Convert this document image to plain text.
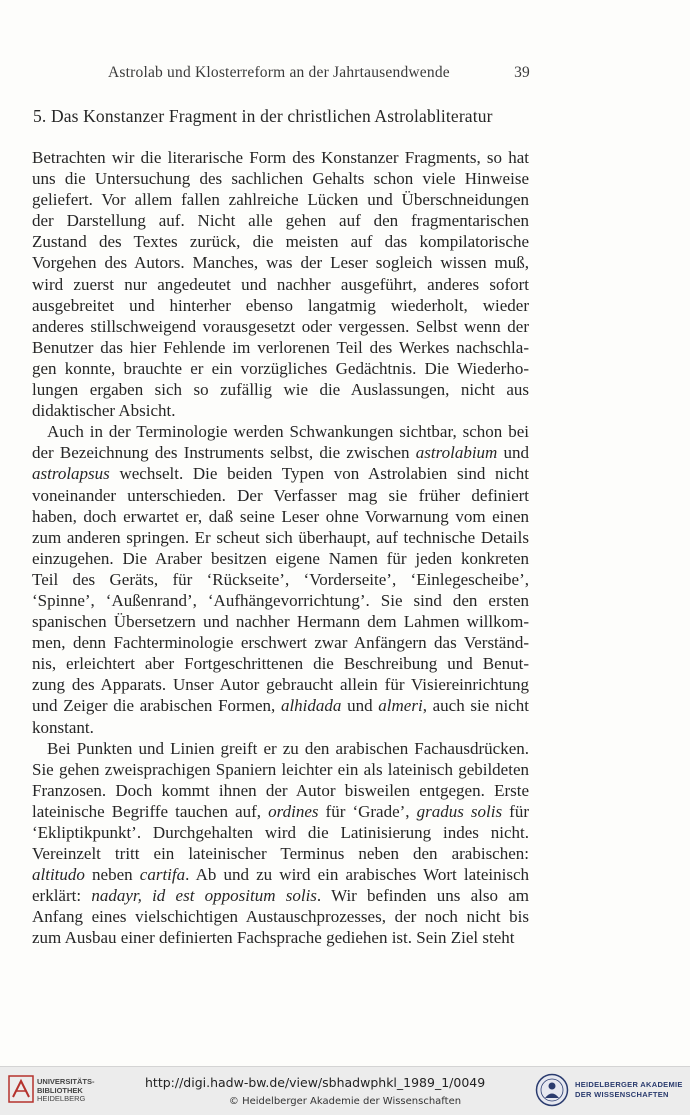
Astrolab und Klosterreform an der Jahrtausendwende	39
5. Das Konstanzer Fragment in der christlichen Astrolabliteratur

Betrachten wir die literarische Form des Konstanzer Fragments, so hat
uns die Untersuchung des sachlichen Gehalts schon viele Hinweise
geliefert. Vor allem fallen zahlreiche Lücken und Überschneidungen
der Darstellung auf. Nicht alle gehen auf den fragmentarischen
Zustand des Textes zurück, die meisten auf das kompilatorische
Vorgehen des Autors. Manches, was der Leser sogleich wissen muß,
wird zuerst nur angedeutet und nachher ausgeführt, anderes sofort
ausgebreitet und hinterher ebenso langatmig wiederholt, wieder
anderes stillschweigend vorausgesetzt oder vergessen. Selbst wenn der
Benutzer das hier Fehlende im verlorenen Teil des Werkes nachschla-
gen konnte, brauchte er ein vorzügliches Gedächtnis. Die Wiederho-
lungen ergaben sich so zufällig wie die Auslassungen, nicht aus
didaktischer Absicht.

Auch in der Terminologie werden Schwankungen sichtbar, schon bei
der Bezeichnung des Instruments selbst, die zwischen astrolabium und
astrolapsus wechselt. Die beiden Typen von Astrolabien sind nicht
voneinander unterschieden. Der Verfasser mag sie früher definiert
haben, doch erwartet er, daß seine Leser ohne Vorwarnung vom einen
zum anderen springen. Er scheut sich überhaupt, auf technische Details
einzugehen. Die Araber besitzen eigene Namen für jeden konkreten
Teil des Geräts, für ‘Rückseite’, ‘Vorderseite’, ‘Einlegescheibe’,
‘Spinne’, ‘Außenrand’, ‘Aufhängevorrichtung’. Sie sind den ersten
spanischen Übersetzern und nachher Hermann dem Lahmen willkom-
men, denn Fachterminologie erschwert zwar Anfängern das Verständ-
nis, erleichtert aber Fortgeschrittenen die Beschreibung und Benut-
zung des Apparats. Unser Autor gebraucht allein für Visiereinrichtung
und Zeiger die arabischen Formen, alhidada und almeri, auch sie nicht
konstant.

Bei Punkten und Linien greift er zu den arabischen Fachausdrücken.
Sie gehen zweisprachigen Spaniern leichter ein als lateinisch gebildeten
Franzosen. Doch kommt ihnen der Autor bisweilen entgegen. Erste
lateinische Begriffe tauchen auf, ordines für ‘Grade’, gradus solis für
‘Ekliptikpunkt’. Durchgehalten wird die Latinisierung indes nicht.
Vereinzelt tritt ein lateinischer Terminus neben den arabischen:
altitudo neben cartifa. Ab und zu wird ein arabisches Wort lateinisch
erklärt: nadayr, id est oppositum solis. Wir befinden uns also am
Anfang eines vielschichtigen Austauschprozesses, der noch nicht bis
zum Ausbau einer definierten Fachsprache gediehen ist. Sein Ziel steht

UNIVERSITÄTS-
BIBLIOTHEK
HEIDELBERG
http://digi.hadw-bw.de/view/sbhadwphkl_1989_1/0049
© Heidelberger Akademie der Wissenschaften
HEIDELBERGER AKADEMIE
DER WISSENSCHAFTEN
